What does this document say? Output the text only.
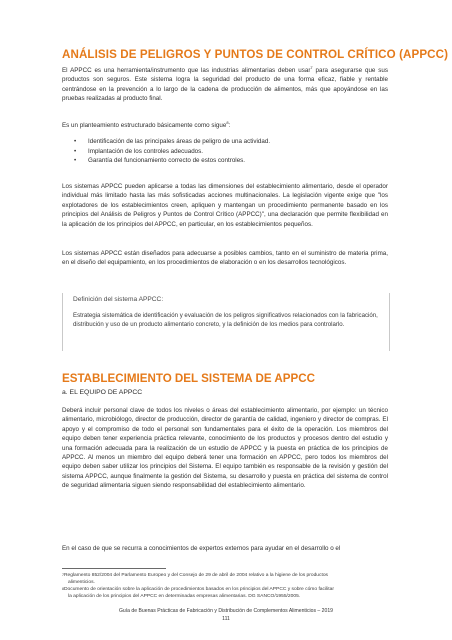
ANÁLISIS DE PELIGROS Y PUNTOS DE CONTROL CRÍTICO (APPCC)
El APPCC es una herramienta/instrumento que las industrias alimentarias deben usar$^7$ para asegurarse que sus productos son seguros. Este sistema logra la seguridad del producto de una forma eficaz, fiable y rentable centrándose en la prevención a lo largo de la cadena de producción de alimentos, más que apoyándose en las pruebas realizadas al producto final.
Es un planteamiento estructurado básicamente como sigue$^8$:
• Identificación de las principales áreas de peligro de una actividad.
• Implantación de los controles adecuados.
• Garantía del funcionamiento correcto de estos controles.
Los sistemas APPCC pueden aplicarse a todas las dimensiones del establecimiento alimentario, desde el operador individual más limitado hasta las más sofisticadas acciones multinacionales. La legislación vigente exige que "los explotadores de los establecimientos creen, apliquen y mantengan un procedimiento permanente basado en los principios del Análisis de Peligros y Puntos de Control Crítico (APPCC)", una declaración que permite flexibilidad en la aplicación de los principios del APPCC, en particular, en los establecimientos pequeños.
Los sistemas APPCC están diseñados para adecuarse a posibles cambios, tanto en el suministro de materia prima, en el diseño del equipamiento, en los procedimientos de elaboración o en los desarrollos tecnológicos.
Definición del sistema APPCC:
Estrategia sistemática de identificación y evaluación de los peligros significativos relacionados con la fabricación, distribución y uso de un producto alimentario concreto, y la definición de los medios para controlarlo.
ESTABLECIMIENTO DEL SISTEMA DE APPCC
a. EL EQUIPO DE APPCC
Deberá incluir personal clave de todos los niveles o áreas del establecimiento alimentario, por ejemplo: un técnico alimentario, microbiólogo, director de producción, director de garantía de calidad, ingeniero y director de compras. El apoyo y el compromiso de todo el personal son fundamentales para el éxito de la operación. Los miembros del equipo deben tener experiencia práctica relevante, conocimiento de los productos y procesos dentro del estudio y una formación adecuada para la realización de un estudio de APPCC y la puesta en práctica de los principios de APPCC. Al menos un miembro del equipo deberá tener una formación en APPCC, pero todos los miembros del equipo deben saber utilizar los principios del Sistema. El equipo también es responsable de la revisión y gestión del sistema APPCC, aunque finalmente la gestión del Sistema, su desarrollo y puesta en práctica del sistema de control de seguridad alimentaria siguen siendo responsabilidad del establecimiento alimentario.
En el caso de que se recurra a conocimientos de expertos externos para ayudar en el desarrollo o el
$^7$Reglamento 852/2004 del Parlamento Europeo y del Consejo de 29 de abril de 2004 relativo a la higiene de los productos
alimenticios.
$^8$Documento de orientación sobre la aplicación de procedimientos basados en los principios del APPCC y sobre cómo facilitar
la aplicación de los principios del APPCC en determinadas empresas alimentarias. DG SANCO/1955/2005.
Guía de Buenas Prácticas de Fabricación y Distribución de Complementos Alimenticios – 2019
111
